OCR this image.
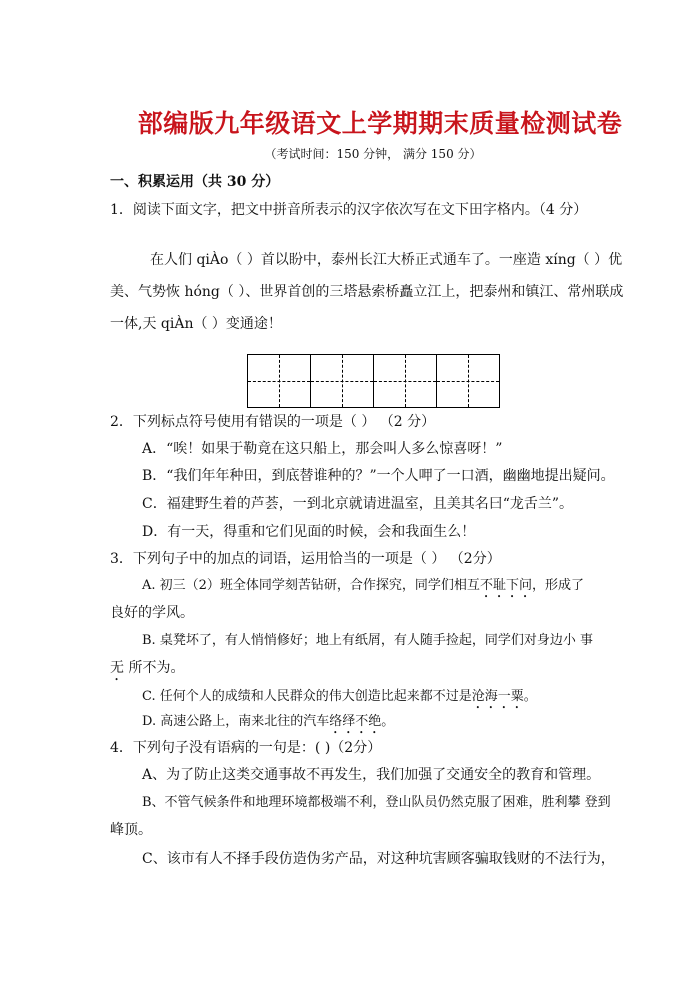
部编版九年级语文上学期期末质量检测试卷
（考试时间：150 分钟， 满分 150 分）
一、积累运用（共 30 分）
1．阅读下面文字，把文中拼音所表示的汉字依次写在文下田字格内。（4 分）
在人们 qiÀo（ ）首以盼中，泰州长江大桥正式通车了。一座造 xíng（ ）优
美、气势恢 hóng（ ）、世界首创的三塔悬索桥矗立江上，把泰州和镇江、常州联成
一体,天 qiÀn（ ）变通途！
2．下列标点符号使用有错误的一项是（ ） （2 分）
A．“唉！如果于勒竟在这只船上，那会叫人多么惊喜呀！”
B．“我们年年种田，到底替谁种的？”一个人呷了一口酒，幽幽地提出疑问。
C．福建野生着的芦荟，一到北京就请进温室，且美其名曰“龙舌兰”。
D．有一天，得重和它们见面的时候，会和我面生么！
3．下列句子中的加点的词语，运用恰当的一项是（ ） （2分）
A. 初三（2）班全体同学刻苦钻研，合作探究，同学们相互不耻下问，形成了
良好的学风。
B. 桌凳坏了，有人悄悄修好；地上有纸屑，有人随手捡起，同学们对身边小 事
无 所不为。
C. 任何个人的成绩和人民群众的伟大创造比起来都不过是沧海一粟。
D. 高速公路上，南来北往的汽车络绎不绝。
4．下列句子没有语病的一句是：( )（2分）
A、为了防止这类交通事故不再发生，我们加强了交通安全的教育和管理。
B、不管气候条件和地理环境都极端不利，登山队员仍然克服了困难，胜利攀 登到
峰顶。
C、该市有人不择手段仿造伪劣产品，对这种坑害顾客骗取钱财的不法行为，
